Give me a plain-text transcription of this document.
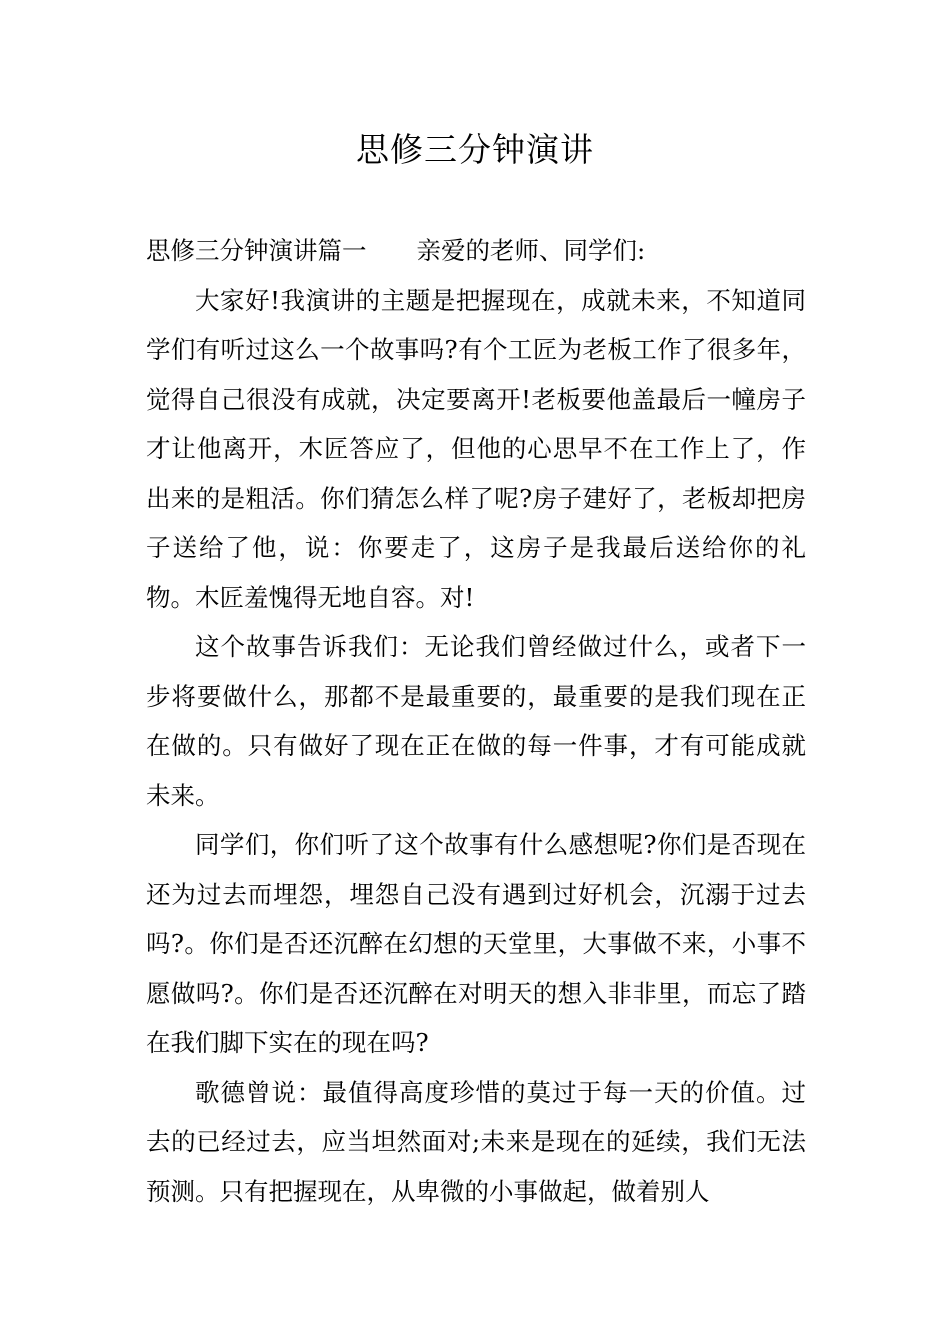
思修三分钟演讲

思修三分钟演讲篇一 亲爱的老师、同学们:

大家好!我演讲的主题是把握现在，成就未来，不知道同学们有听过这么一个故事吗?有个工匠为老板工作了很多年，觉得自己很没有成就，决定要离开!老板要他盖最后一幢房子才让他离开，木匠答应了，但他的心思早不在工作上了，作出来的是粗活。你们猜怎么样了呢?房子建好了，老板却把房子送给了他，说：你要走了，这房子是我最后送给你的礼物。木匠羞愧得无地自容。对!

这个故事告诉我们：无论我们曾经做过什么，或者下一步将要做什么，那都不是最重要的，最重要的是我们现在正在做的。只有做好了现在正在做的每一件事，才有可能成就未来。

同学们，你们听了这个故事有什么感想呢?你们是否现在还为过去而埋怨，埋怨自己没有遇到过好机会，沉溺于过去吗?。你们是否还沉醉在幻想的天堂里，大事做不来，小事不愿做吗?。你们是否还沉醉在对明天的想入非非里，而忘了踏在我们脚下实在的现在吗?

歌德曾说：最值得高度珍惜的莫过于每一天的价值。过去的已经过去，应当坦然面对;未来是现在的延续，我们无法预测。只有把握现在，从卑微的小事做起，做着别人
